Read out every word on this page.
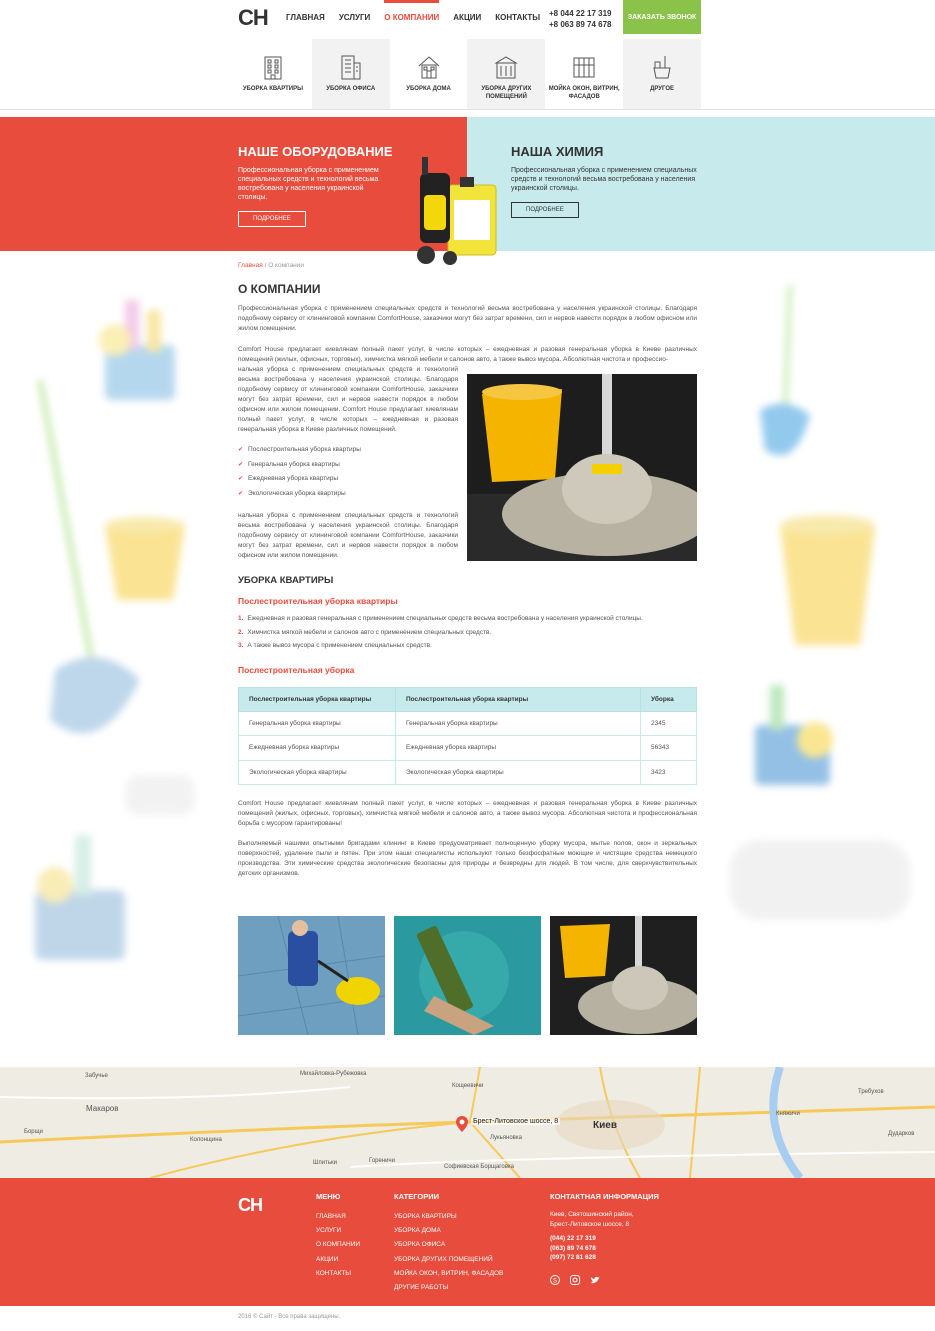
СН ГЛАВНАЯ УСЛУГИ О КОМПАНИИ АКЦИИ КОНТАКТЫ +8 044 22 17 319
+8 063 89 74 678
ЗАКАЗАТЬ ЗВОНОК
УБОРКА КВАРТИРЫ	УБОРКА ОФИСА	УБОРКА ДОМА	УБОРКА ДРУГИХ ПОМЕЩЕНИЙ
МОЙКА ОКОН, ВИТРИН, ФАСАДОВ
ДРУГОЕ
НАШЕ ОБОРУДОВАНИЕ
Профессиональная уборка с применением специальных средств и технологий весьма востребована у населения украинской столицы.
ПОДРОБНЕЕ
НАША ХИМИЯ
Профессиональная уборка с применением специальных средств и технологий весьма востребована у населения украинской столицы.
ПОДРОБНЕЕ
Главная / О компании
О КОМПАНИИ

Профессиональная уборка с применением специальных средств и технологий весьма востребована у населения украинской столицы. Благодаря подобному сервису от клининговой компании ComfortHouse, заказчики могут без затрат времени, сил и нервов навести порядок в любом офисном или жилом помещении.

Comfort House предлагает киевлянам полный пакет услуг, в числе которых – ежедневная и разовая генеральная уборка в Киеве различных помещений (жилых, офисных, торговых), химчистка мягкой мебели и салонов авто, а также вывоз мусора. Абсолютная чистота и профессио-

нальная уборка с применением специальных средств и технологий весьма востребована у населения украинской столицы. Благодаря подобному сервису от клининговой компании ComfortHouse, заказчики могут без затрат времени, сил и нервов навести порядок в любом офисном или жилом помещении. Comfort House предлагает киевлянам полный пакет услуг, в числе которых – ежедневная и разовая генеральная уборка в Киеве различных помещений.

✔ Послестроительная уборка квартиры
✔ Генеральная уборка квартиры
✔ Ежедневная уборка квартиры
✔ Экологическая уборка квартиры

нальная уборка с применением специальных средств и технологий весьма востребована у населения украинской столицы. Благодаря подобному сервису от клининговой компании ComfortHouse, заказчики могут без затрат времени, сил и нервов навести порядок в любом офисном или жилом помещении.

УБОРКА КВАРТИРЫ
Послестроительная уборка квартиры
1. Ежедневная и разовая генеральная с применением специальных средств весьма востребована у населения украинской столицы.
2. Химчистка мягкой мебели и салонов авто с применением специальных средств.
3. А также вывоз мусора с применением специальных средств.
Послестроительная уборка
Послестроительная уборка квартиры	Послестроительная уборка квартиры	Уборка
Генеральная уборка квартиры	Генеральная уборка квартиры	2345
Ежедневная уборка квартиры	Ежедневная уборка квартиры	56343
Экологическая уборка квартиры	Экологическая уборка квартиры	3423

Comfort House предлагает киевлянам полный пакет услуг, в числе которых – ежедневная и разовая генеральная уборка в Киеве различных помещений (жилых, офисных, торговых), химчистка мягкой мебели и салонов авто, а также вывоз мусора. Абсолютная чистота и профессиональная борьба с мусором гарантированы!

Выполняемый нашими опытными бригадами клининг в Киеве предусматривает полноценную уборку мусора, мытье полов, окон и зеркальных поверхностей, удаление пыли и пятен. При этом наши специалисты используют только безфосфатные моющие и чистящие средства немецкого производства. Эти химические средства экологические безопасны для природы и безвредны для людей. В том числе, для сверхчувствительных детских организмов.

Михайловка-Рубежовка
Макаров
Кощеевичи
Киев
Гореничи
Софиевская Борщаговка
Требухов
Дударков
Шпитьки
Княжичи
Колонщина
Забучье
Борщи
Лукьяновка
Брест-Литовское шоссе, 8
СН	МЕНЮ
ГЛАВНАЯ
УСЛУГИ
О КОМПАНИИ
АКЦИИ
КОНТАКТЫ
КАТЕГОРИИ
УБОРКА КВАРТИРЫ
УБОРКА ДОМА
УБОРКА ОФИСА
УБОРКА ДРУГИХ ПОМЕЩЕНИЙ
МОЙКА ОКОН, ВИТРИН, ФАСАДОВ
ДРУГИЕ РАБОТЫ
КОНТАКТНАЯ ИНФОРМАЦИЯ
Киев, Святошинский район,
Брест-Литовское шоссе, 8
(044) 22 17 319
(063) 89 74 678
(097) 72 81 628
S
2016 © Сайт - Все права защищены.
